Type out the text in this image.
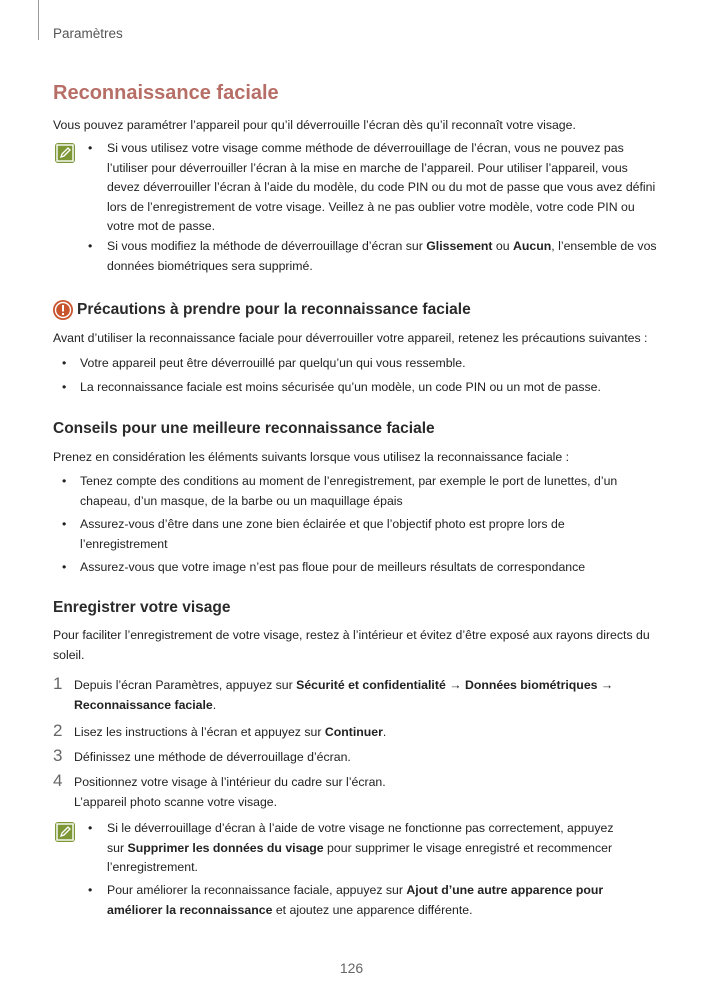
Paramètres
Reconnaissance faciale
Vous pouvez paramétrer l’appareil pour qu’il déverrouille l’écran dès qu’il reconnaît votre visage.
• Si vous utilisez votre visage comme méthode de déverrouillage de l’écran, vous ne pouvez pas
l’utiliser pour déverrouiller l’écran à la mise en marche de l’appareil. Pour utiliser l’appareil, vous
devez déverrouiller l’écran à l’aide du modèle, du code PIN ou du mot de passe que vous avez défini
lors de l’enregistrement de votre visage. Veillez à ne pas oublier votre modèle, votre code PIN ou
votre mot de passe.
• Si vous modifiez la méthode de déverrouillage d’écran sur Glissement ou Aucun, l’ensemble de vos
données biométriques sera supprimé.
Précautions à prendre pour la reconnaissance faciale
Avant d’utiliser la reconnaissance faciale pour déverrouiller votre appareil, retenez les précautions suivantes :
• Votre appareil peut être déverrouillé par quelqu’un qui vous ressemble.
• La reconnaissance faciale est moins sécurisée qu’un modèle, un code PIN ou un mot de passe.
Conseils pour une meilleure reconnaissance faciale
Prenez en considération les éléments suivants lorsque vous utilisez la reconnaissance faciale :
• Tenez compte des conditions au moment de l’enregistrement, par exemple le port de lunettes, d’un
chapeau, d’un masque, de la barbe ou un maquillage épais
• Assurez-vous d’être dans une zone bien éclairée et que l’objectif photo est propre lors de
l’enregistrement
• Assurez-vous que votre image n’est pas floue pour de meilleurs résultats de correspondance
Enregistrer votre visage
Pour faciliter l’enregistrement de votre visage, restez à l’intérieur et évitez d’être exposé aux rayons directs du
soleil.
1 Depuis l’écran Paramètres, appuyez sur Sécurité et confidentialité → Données biométriques →
Reconnaissance faciale.
2 Lisez les instructions à l’écran et appuyez sur Continuer.
3 Définissez une méthode de déverrouillage d’écran.
4 Positionnez votre visage à l’intérieur du cadre sur l’écran.
L’appareil photo scanne votre visage.
• Si le déverrouillage d’écran à l’aide de votre visage ne fonctionne pas correctement, appuyez
sur Supprimer les données du visage pour supprimer le visage enregistré et recommencer
l’enregistrement.
• Pour améliorer la reconnaissance faciale, appuyez sur Ajout d’une autre apparence pour
améliorer la reconnaissance et ajoutez une apparence différente.
126
